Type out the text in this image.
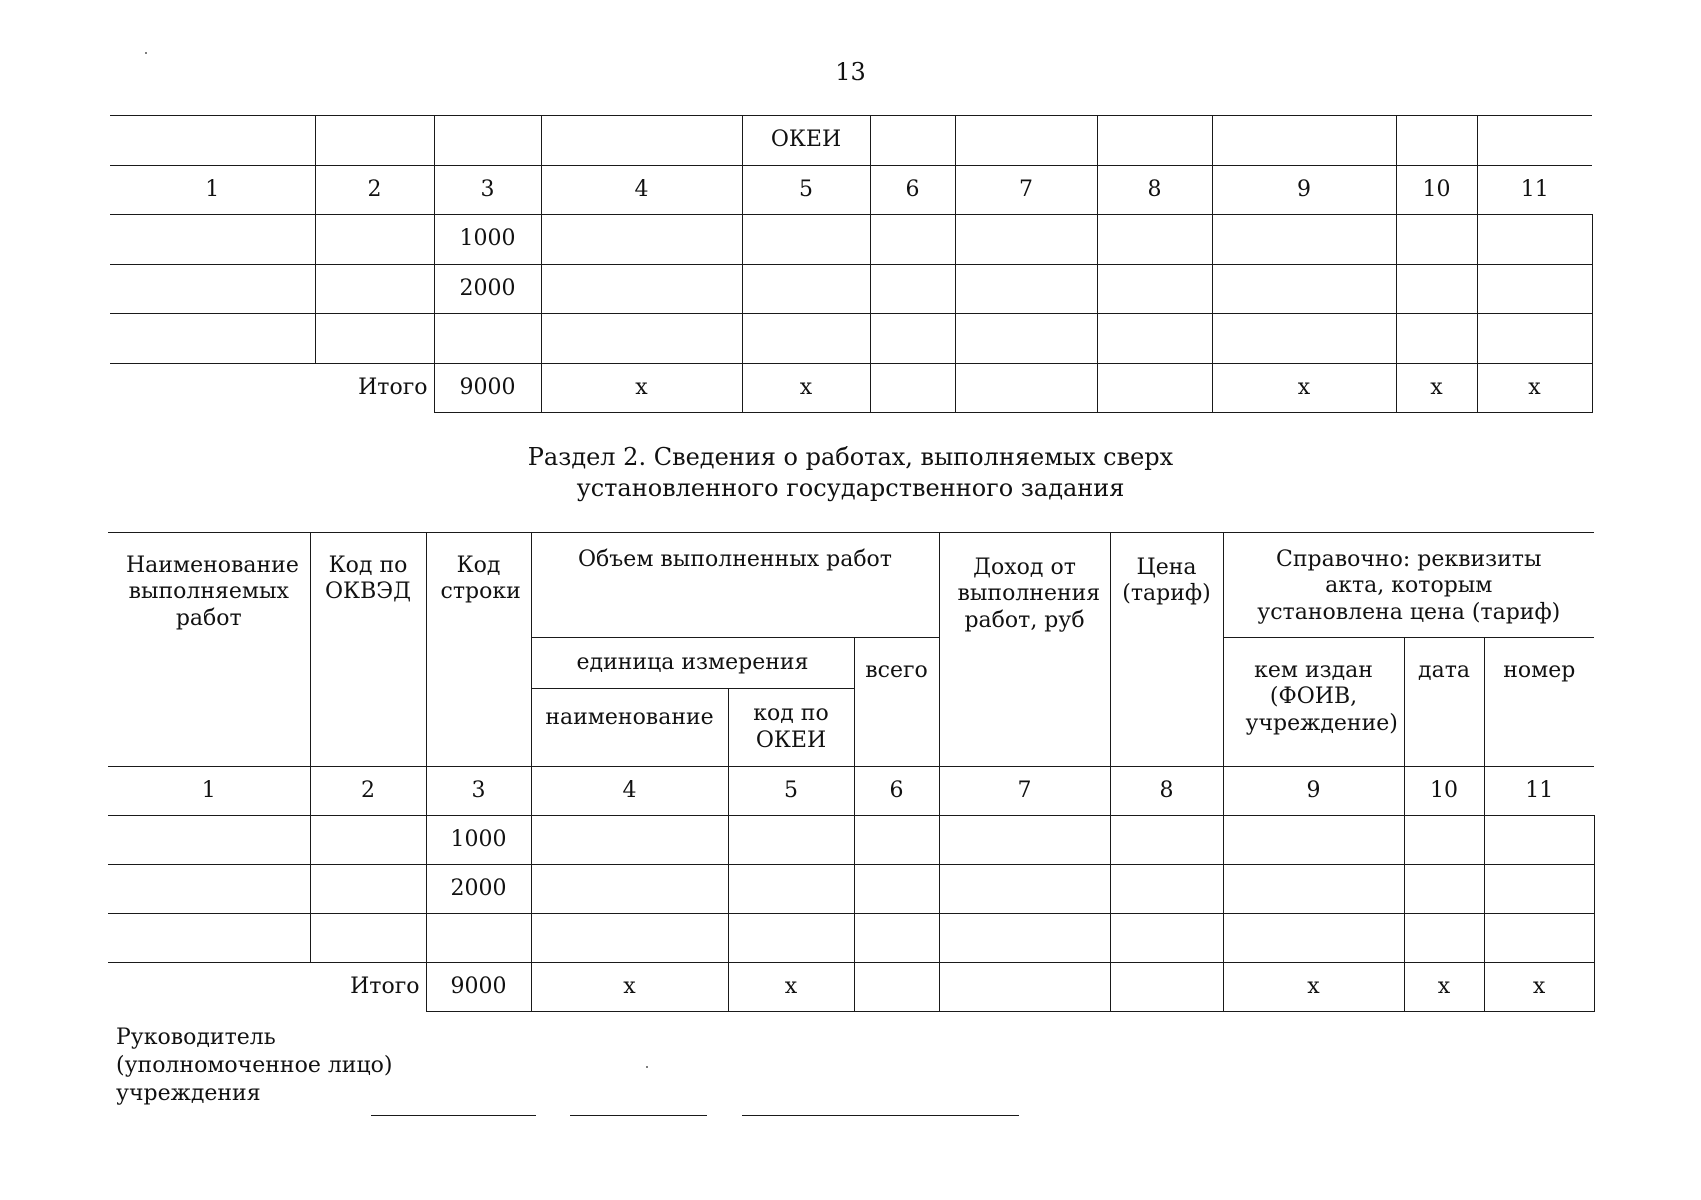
13
				ОКЕИ						
1	2	3	4	5	6	7	8	9	10	11
		1000								
		2000								

Итого		9000	x	x				x	x	x
Раздел 2. Сведения о работах, выполняемых сверх
установленного государственного задания
Наименование выполняемых работ	Код по ОКВЭД	Код строки	Объем выполненных работ			Доход от выполнения работ, руб	Цена (тариф)	Справочно: реквизиты акта, которым установлена цена (тариф)		
			единица измерения		всего			кем издан (ФОИВ, учреждение)	дата	номер
			наименование	код по ОКЕИ						
1	2	3	4	5	6	7	8	9	10	11
		1000								
		2000								

Итого		9000	x	x				x	x	x
Руководитель
(уполномоченное лицо)
учреждения
